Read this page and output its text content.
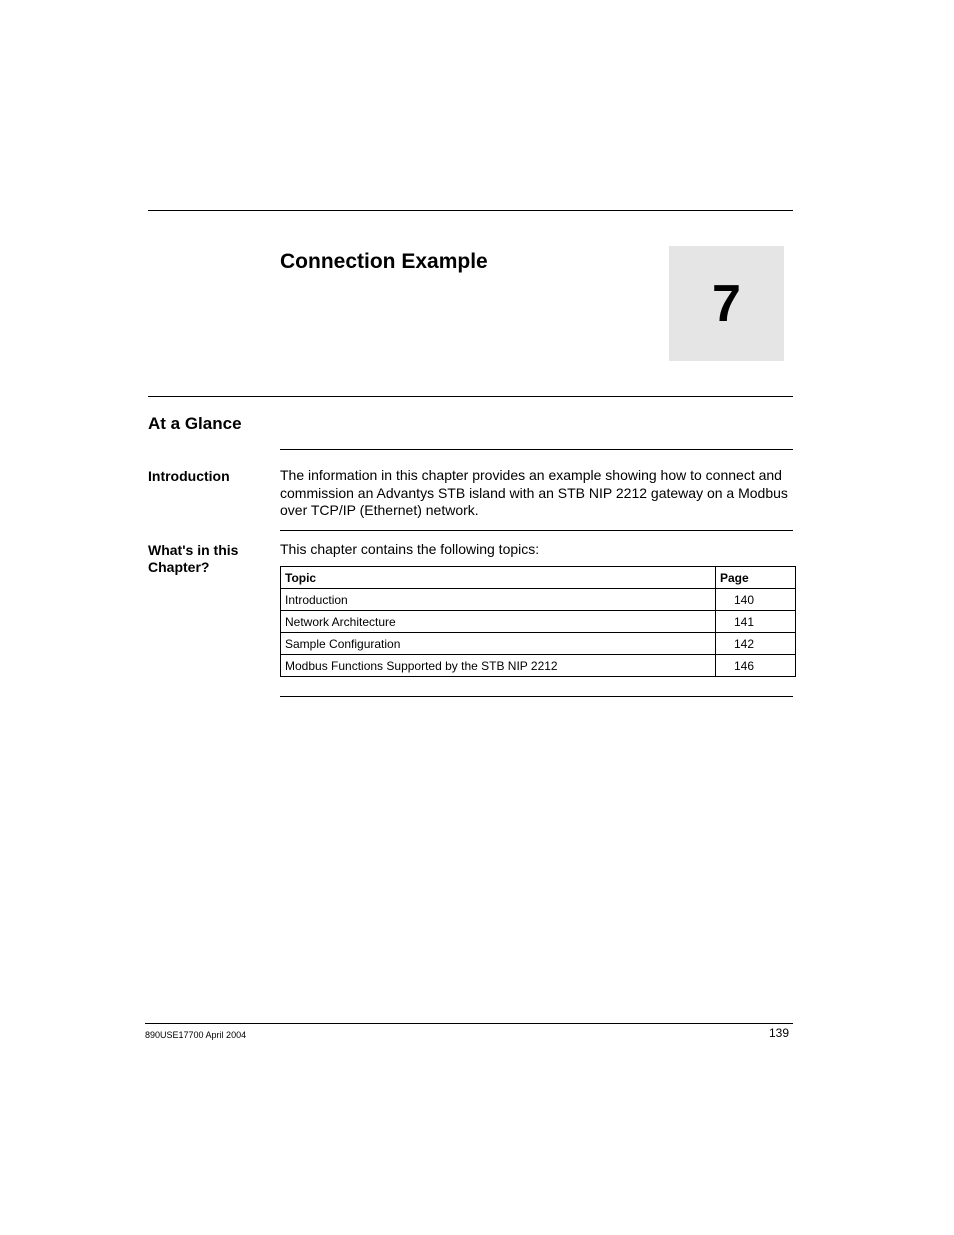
Connection Example
7
At a Glance
Introduction	The information in this chapter provides an example showing how to connect and commission an Advantys STB island with an STB NIP 2212 gateway on a Modbus over TCP/IP (Ethernet) network.
What's in this Chapter?
This chapter contains the following topics:
Topic	Page
Introduction	140
Network Architecture	141
Sample Configuration	142
Modbus Functions Supported by the STB NIP 2212	146
890USE17700 April 2004	139
